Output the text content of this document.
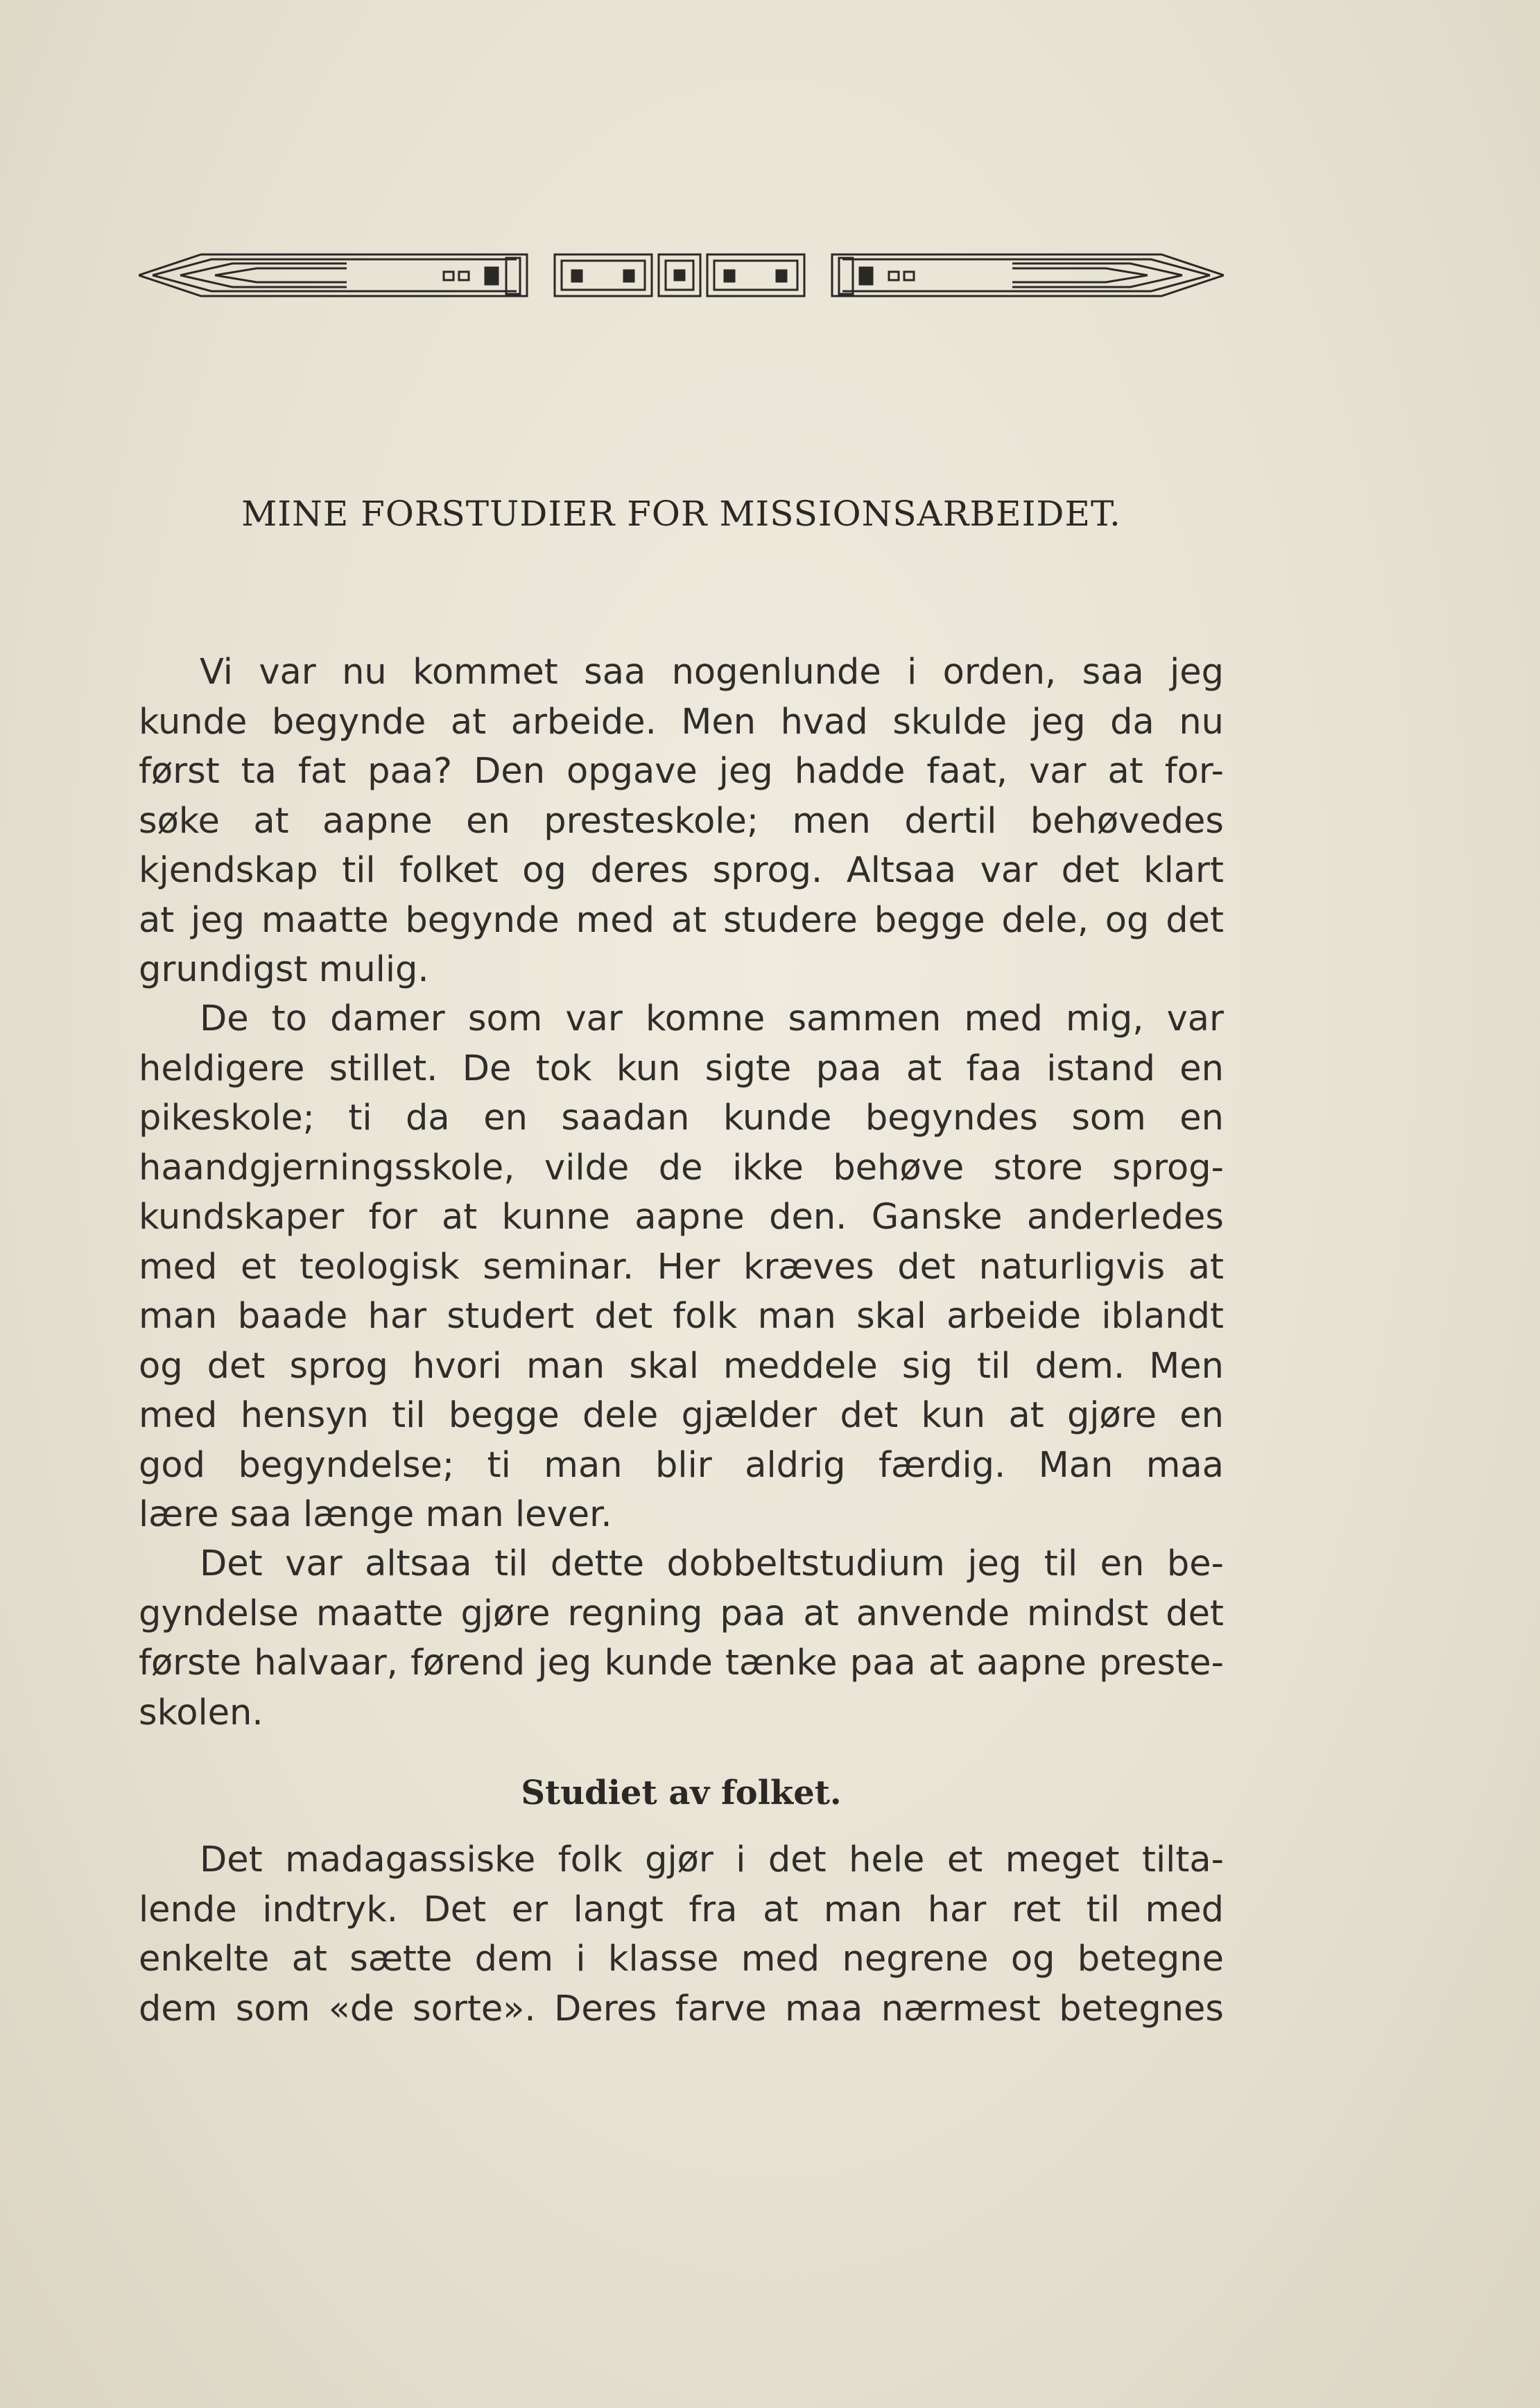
MINE FORSTUDIER FOR MISSIONSARBEIDET.
Vi var nu kommet saa nogenlunde i orden, saa jeg
kunde begynde at arbeide. Men hvad skulde jeg da nu
først ta fat paa? Den opgave jeg hadde faat, var at for-
søke at aapne en presteskole; men dertil behøvedes
kjendskap til folket og deres sprog. Altsaa var det klart
at jeg maatte begynde med at studere begge dele, og det
grundigst mulig.
De to damer som var komne sammen med mig, var
heldigere stillet. De tok kun sigte paa at faa istand en
pikeskole; ti da en saadan kunde begyndes som en
haandgjerningsskole, vilde de ikke behøve store sprog-
kundskaper for at kunne aapne den. Ganske anderledes
med et teologisk seminar. Her kræves det naturligvis at
man baade har studert det folk man skal arbeide iblandt
og det sprog hvori man skal meddele sig til dem. Men
med hensyn til begge dele gjælder det kun at gjøre en
god begyndelse; ti man blir aldrig færdig. Man maa
lære saa længe man lever.
Det var altsaa til dette dobbeltstudium jeg til en be-
gyndelse maatte gjøre regning paa at anvende mindst det
første halvaar, førend jeg kunde tænke paa at aapne preste-
skolen.
Studiet av folket.
Det madagassiske folk gjør i det hele et meget tilta-
lende indtryk. Det er langt fra at man har ret til med
enkelte at sætte dem i klasse med negrene og betegne
dem som «de sorte». Deres farve maa nærmest betegnes
